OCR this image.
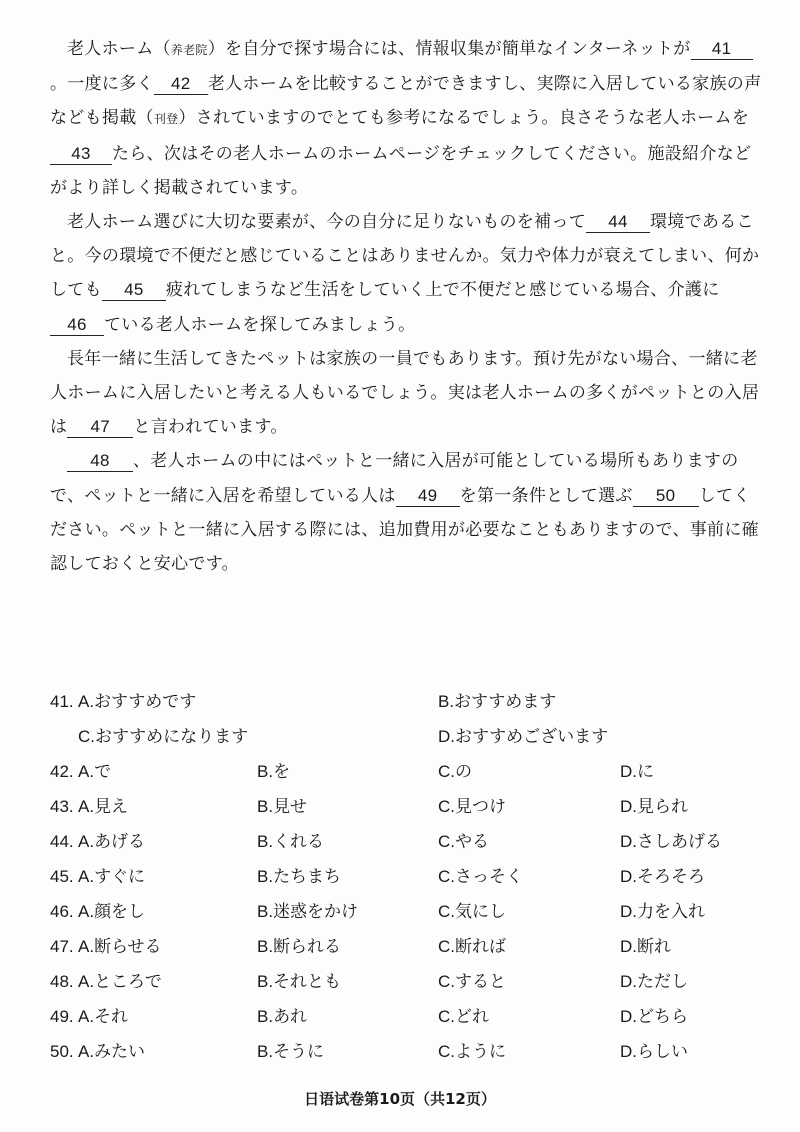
老人ホーム（养老院）を自分で探す場合には、情報収集が簡単なインターネットが 41。一度に多く 42 老人ホームを比較することができますし、実際に入居している家族の声なども掲載（刊登）されていますのでとても参考になるでしょう。良さそうな老人ホームを43 たら、次はその老人ホームのホームページをチェックしてください。施設紹介などがより詳しく掲載されています。

老人ホーム選びに大切な要素が、今の自分に足りないものを補って 44 環境であること。今の環境で不便だと感じていることはありませんか。気力や体力が衰えてしまい、何かしても 45 疲れてしまうなど生活をしていく上で不便だと感じている場合、介護に46 ている老人ホームを探してみましょう。

長年一緒に生活してきたペットは家族の一員でもあります。預け先がない場合、一緒に老人ホームに入居したいと考える人もいるでしょう。実は老人ホームの多くがペットとの入居は 47 と言われています。

48 、老人ホームの中にはペットと一緒に入居が可能としている場所もありますので、ペットと一緒に入居を希望している人は 49 を第一条件として選ぶ 50 してください。ペットと一緒に入居する際には、追加費用が必要なこともありますので、事前に確認しておくと安心です。

41. A.おすすめです	B.おすすめます
C.おすすめになります	D.おすすめございます
42. A.で	B.を	C.の	D.に
43. A.見え	B.見せ	C.見つけ	D.見られ
44. A.あげる	B.くれる	C.やる	D.さしあげる
45. A.すぐに	B.たちまち	C.さっそく	D.そろそろ
46. A.顔をし	B.迷惑をかけ	C.気にし	D.力を入れ
47. A.断らせる	B.断られる	C.断れば	D.断れ
48. A.ところで	B.それとも	C.すると	D.ただし
49. A.それ	B.あれ	C.どれ	D.どちら
50. A.みたい	B.そうに	C.ように	D.らしい
日语试卷第10页（共12页）
